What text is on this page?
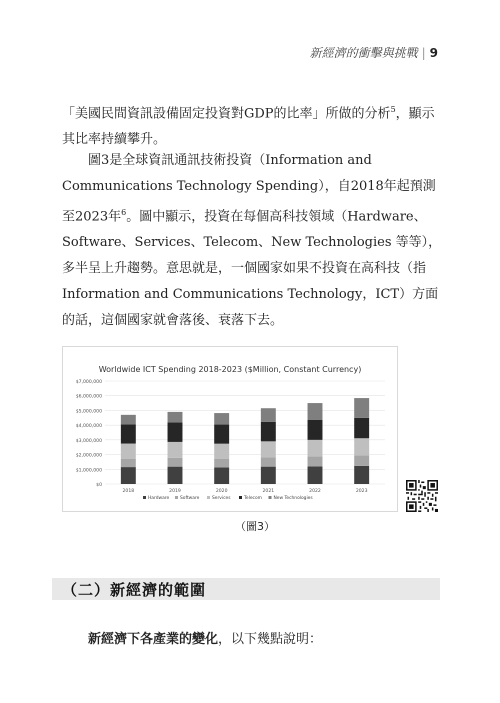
新經濟的衝擊與挑戰 | 9

「美國民間資訊設備固定投資對GDP的比率」所做的分析$^5$，顯示其比率持續攀升。

圖3是全球資訊通訊技術投資（Information and Communications Technology Spending），自2018年起預測至2023年$^6$。圖中顯示，投資在每個高科技領域（Hardware、Software、Services、Telecom、New Technologies 等等），多半呈上升趨勢。意思就是，一個國家如果不投資在高科技（指Information and Communications Technology，ICT）方面的話，這個國家就會落後、衰落下去。

Worldwide ICT Spending 2018-2023 ($Million, Constant Currency)
$0
$1,000,000
$2,000,000
$3,000,000
$4,000,000
$5,000,000
$6,000,000
$7,000,000
2018	2019	2020	2021	2022	2023
Hardware Software	Services	Telecom	New Technologies
（圖3）
（二）新經濟的範圍
新經濟下各產業的變化，以下幾點說明：
